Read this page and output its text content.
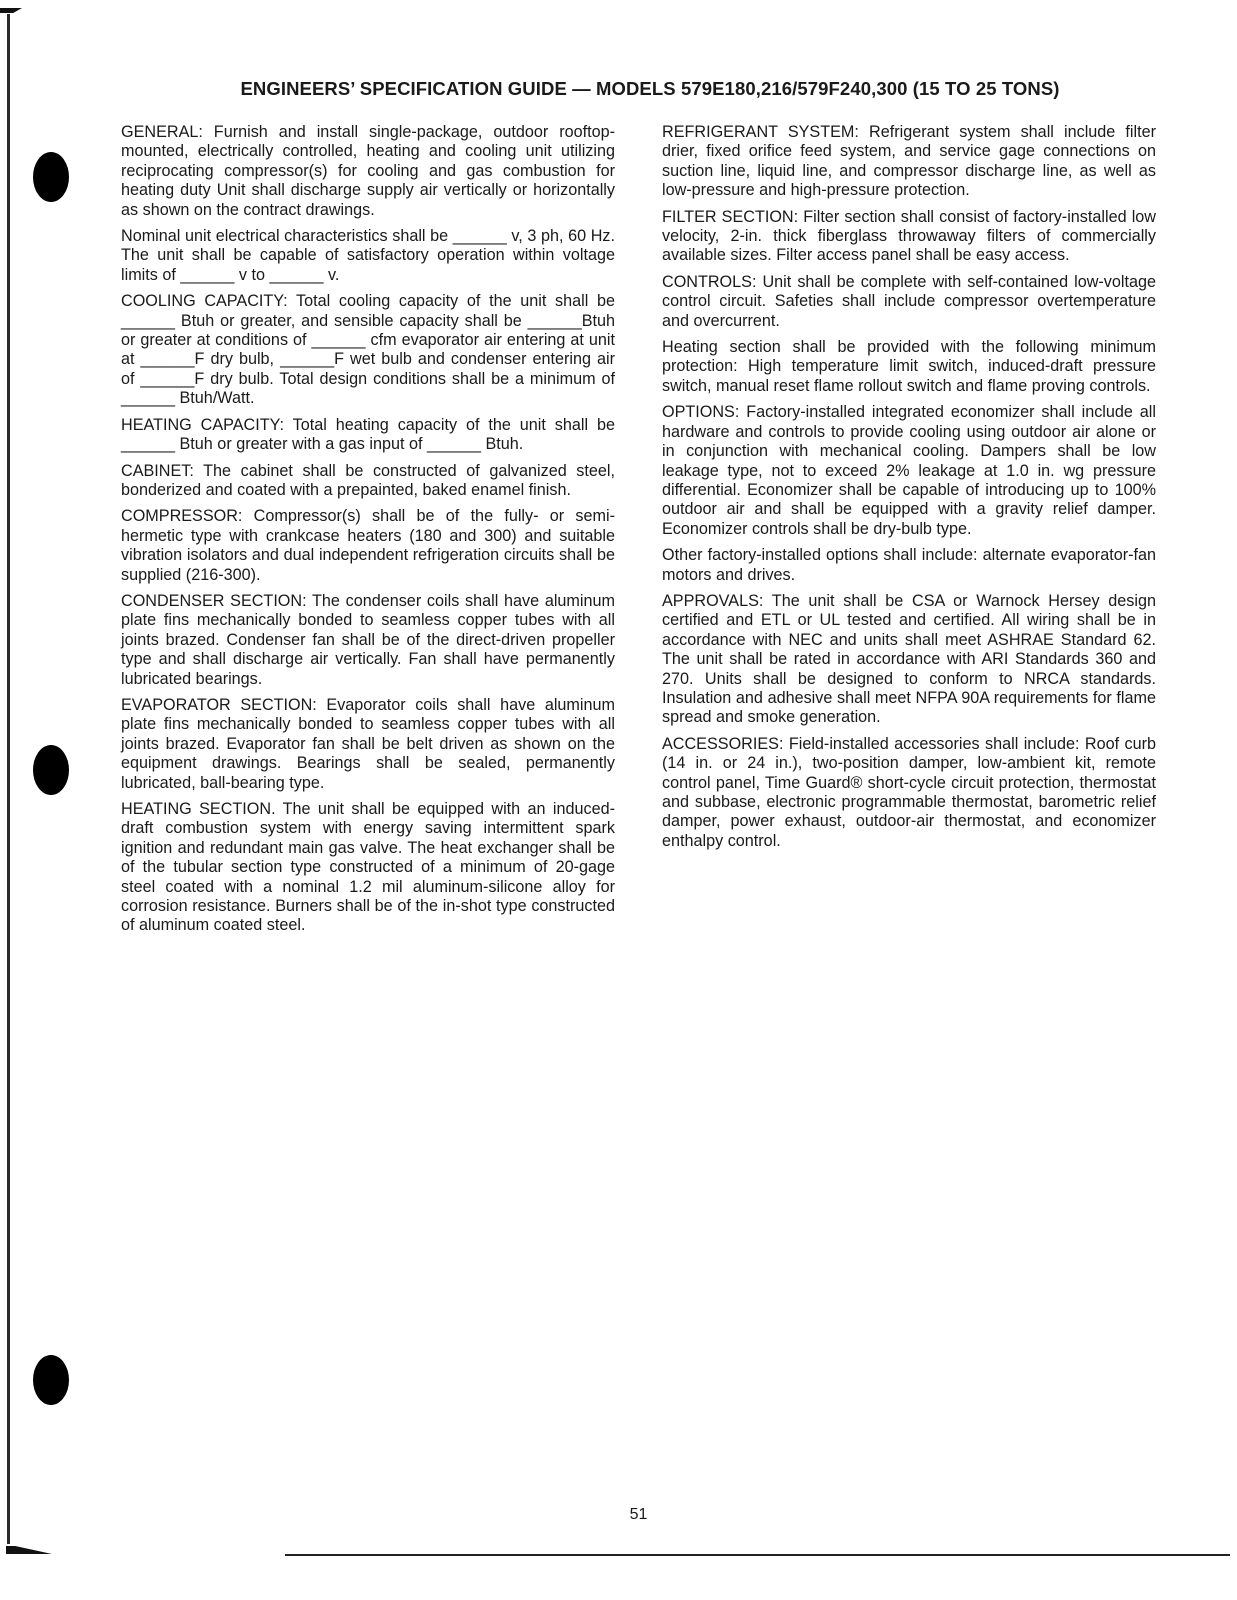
ENGINEERS’ SPECIFICATION GUIDE — MODELS 579E180,216/579F240,300 (15 TO 25 TONS)

GENERAL: Furnish and install single-package, outdoor rooftop-mounted, electrically controlled, heating and cooling unit utilizing reciprocating compressor(s) for cooling and gas combustion for heating duty Unit shall discharge supply air vertically or horizontally as shown on the contract drawings.

Nominal unit electrical characteristics shall be ______ v, 3 ph, 60 Hz. The unit shall be capable of satisfactory operation within voltage limits of ______ v to ______ v.

COOLING CAPACITY: Total cooling capacity of the unit shall be ______ Btuh or greater, and sensible capacity shall be ______Btuh or greater at conditions of ______ cfm evaporator air entering at unit at ______F dry bulb, ______F wet bulb and condenser entering air of ______F dry bulb. Total design conditions shall be a minimum of ______ Btuh/Watt.

HEATING CAPACITY: Total heating capacity of the unit shall be ______ Btuh or greater with a gas input of ______ Btuh.

CABINET: The cabinet shall be constructed of galvanized steel, bonderized and coated with a prepainted, baked enamel finish.

COMPRESSOR: Compressor(s) shall be of the fully- or semi-hermetic type with crankcase heaters (180 and 300) and suitable vibration isolators and dual independent refrigeration circuits shall be supplied (216-300).

CONDENSER SECTION: The condenser coils shall have aluminum plate fins mechanically bonded to seamless copper tubes with all joints brazed. Condenser fan shall be of the direct-driven propeller type and shall discharge air vertically. Fan shall have permanently lubricated bearings.

EVAPORATOR SECTION: Evaporator coils shall have aluminum plate fins mechanically bonded to seamless copper tubes with all joints brazed. Evaporator fan shall be belt driven as shown on the equipment drawings. Bearings shall be sealed, permanently lubricated, ball-bearing type.

HEATING SECTION. The unit shall be equipped with an induced-draft combustion system with energy saving intermittent spark ignition and redundant main gas valve. The heat exchanger shall be of the tubular section type constructed of a minimum of 20-gage steel coated with a nominal 1.2 mil aluminum-silicone alloy for corrosion resistance. Burners shall be of the in-shot type constructed of aluminum coated steel.

REFRIGERANT SYSTEM: Refrigerant system shall include filter drier, fixed orifice feed system, and service gage connections on suction line, liquid line, and compressor discharge line, as well as low-pressure and high-pressure protection.

FILTER SECTION: Filter section shall consist of factory-installed low velocity, 2-in. thick fiberglass throwaway filters of commercially available sizes. Filter access panel shall be easy access.

CONTROLS: Unit shall be complete with self-contained low-voltage control circuit. Safeties shall include compressor overtemperature and overcurrent.

Heating section shall be provided with the following minimum protection: High temperature limit switch, induced-draft pressure switch, manual reset flame rollout switch and flame proving controls.

OPTIONS: Factory-installed integrated economizer shall include all hardware and controls to provide cooling using outdoor air alone or in conjunction with mechanical cooling. Dampers shall be low leakage type, not to exceed 2% leakage at 1.0 in. wg pressure differential. Economizer shall be capable of introducing up to 100% outdoor air and shall be equipped with a gravity relief damper. Economizer controls shall be dry-bulb type.

Other factory-installed options shall include: alternate evaporator-fan motors and drives.

APPROVALS: The unit shall be CSA or Warnock Hersey design certified and ETL or UL tested and certified. All wiring shall be in accordance with NEC and units shall meet ASHRAE Standard 62. The unit shall be rated in accordance with ARI Standards 360 and 270. Units shall be designed to conform to NRCA standards. Insulation and adhesive shall meet NFPA 90A requirements for flame spread and smoke generation.

ACCESSORIES: Field-installed accessories shall include: Roof curb (14 in. or 24 in.), two-position damper, low-ambient kit, remote control panel, Time Guard® short-cycle circuit protection, thermostat and subbase, electronic programmable thermostat, barometric relief damper, power exhaust, outdoor-air thermostat, and economizer enthalpy control.

51
